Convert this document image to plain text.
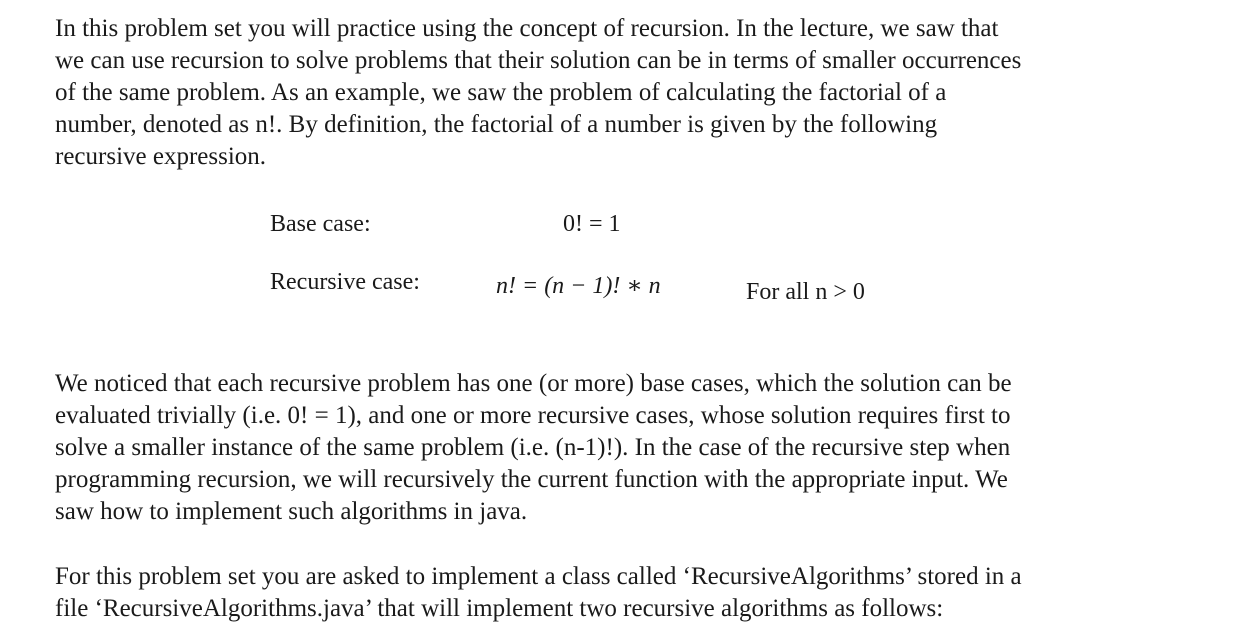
In this problem set you will practice using the concept of recursion. In the lecture, we saw that
we can use recursion to solve problems that their solution can be in terms of smaller occurrences
of the same problem. As an example, we saw the problem of calculating the factorial of a
number, denoted as n!. By definition, the factorial of a number is given by the following
recursive expression.
Base case:	0! = 1
Recursive case:	n! = (n − 1)! ∗ n	For all n > 0
We noticed that each recursive problem has one (or more) base cases, which the solution can be
evaluated trivially (i.e. 0! = 1), and one or more recursive cases, whose solution requires first to
solve a smaller instance of the same problem (i.e. (n-1)!). In the case of the recursive step when
programming recursion, we will recursively the current function with the appropriate input. We
saw how to implement such algorithms in java.
For this problem set you are asked to implement a class called ‘RecursiveAlgorithms’ stored in a
file ‘RecursiveAlgorithms.java’ that will implement two recursive algorithms as follows:
